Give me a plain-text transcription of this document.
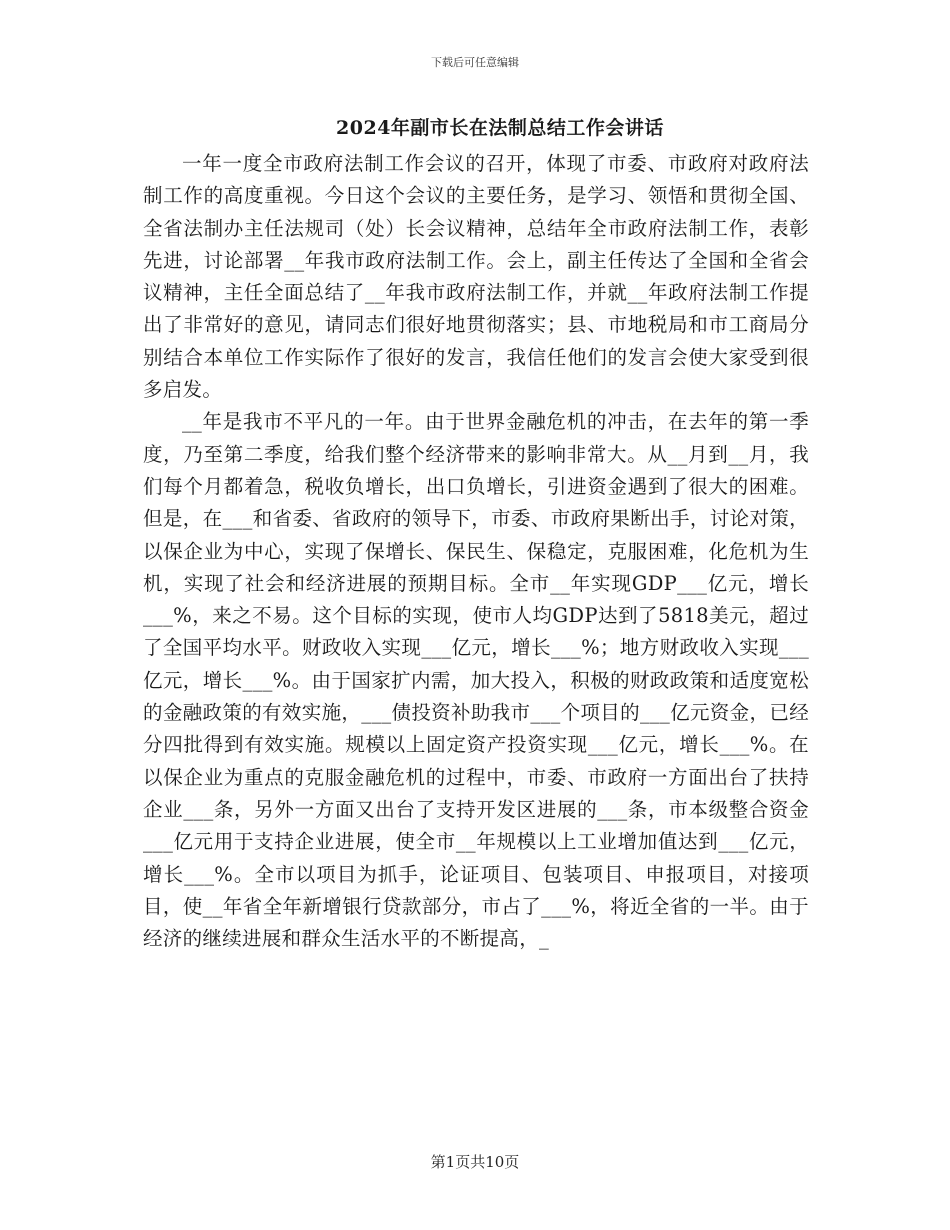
下载后可任意编辑
2024年副市长在法制总结工作会讲话

一年一度全市政府法制工作会议的召开，体现了市委、市政府对政府法制工作的高度重视。今日这个会议的主要任务，是学习、领悟和贯彻全国、全省法制办主任法规司（处）长会议精神，总结年全市政府法制工作，表彰先进，讨论部署__年我市政府法制工作。会上，副主任传达了全国和全省会议精神，主任全面总结了__年我市政府法制工作，并就__年政府法制工作提出了非常好的意见，请同志们很好地贯彻落实；县、市地税局和市工商局分别结合本单位工作实际作了很好的发言，我信任他们的发言会使大家受到很多启发。

__年是我市不平凡的一年。由于世界金融危机的冲击，在去年的第一季度，乃至第二季度，给我们整个经济带来的影响非常大。从__月到__月，我们每个月都着急，税收负增长，出口负增长，引进资金遇到了很大的困难。但是，在___和省委、省政府的领导下，市委、市政府果断出手，讨论对策，以保企业为中心，实现了保增长、保民生、保稳定，克服困难，化危机为生机，实现了社会和经济进展的预期目标。全市__年实现GDP___亿元，增长___%，来之不易。这个目标的实现，使市人均GDP达到了5818美元，超过了全国平均水平。财政收入实现___亿元，增长___%；地方财政收入实现___亿元，增长___%。由于国家扩内需，加大投入，积极的财政政策和适度宽松的金融政策的有效实施，___债投资补助我市___个项目的___亿元资金，已经分四批得到有效实施。规模以上固定资产投资实现___亿元，增长___%。在以保企业为重点的克服金融危机的过程中，市委、市政府一方面出台了扶持企业___条，另外一方面又出台了支持开发区进展的___条，市本级整合资金___亿元用于支持企业进展，使全市__年规模以上工业增加值达到___亿元，增长___%。全市以项目为抓手，论证项目、包装项目、申报项目，对接项目，使__年省全年新增银行贷款部分，市占了___%，将近全省的一半。由于经济的继续进展和群众生活水平的不断提高，_

第1页共10页
